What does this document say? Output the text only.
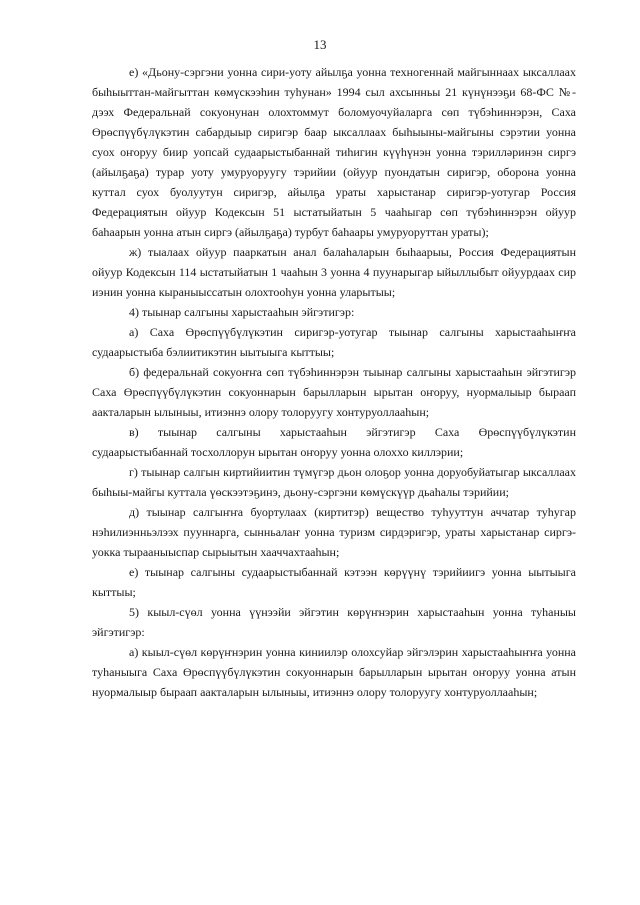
13

е) «Дьону-сэргэни уонна сири-уоту айылҕа уонна техногеннай майгыннаах ыксаллаах быһыыттан-майгыттан көмүскээһин туһунан» 1994 сыл ахсынньы 21 күнүнээҕи 68-ФС №-дээх Федеральнай сокуонунан олохтоммут боломуочуйаларга сөп түбэһиннэрэн, Саха Өрөспүүбүлүкэтин сабардыыр сиригэр баар ыксаллаах быһыыны-майгыны сэрэтии уонна суох оҥоруу биир уопсай судаарыстыбаннай тиһигин күүһүнэн уонна тэрилләринэн сиргэ (айылҕаҕа) турар уоту умуруоруугу тэрийии (ойуур пуондатын сиригэр, оборона уонна куттал суох буолуутун сиригэр, айылҕа ураты харыстанар сиригэр-уотугар Россия Федерациятын ойуур Кодексын 51 ыстатыйатын 5 чааһыгар сөп түбэһиннэрэн ойуур баһаарын уонна атын сиргэ (айылҕаҕа) турбут баһаары умуруоруттан ураты);

ж) тыалаах ойуур пааркатын анал балаһаларын быһаарыы, Россия Федерациятын ойуур Кодексын 114 ыстатыйатын 1 чааһын 3 уонна 4 пуунарыгар ыйыллыбыт ойуурдаах сир иэнин уонна кыраныыссатын олохтооһун уонна уларытыы;

4) тыынар салгыны харыстааһын эйгэтигэр:

а) Саха Өрөспүүбүлүкэтин сиригэр-уотугар тыынар салгыны харыстааһыҥҥа судаарыстыба бэлиитикэтин ыытыыга кыттыы;

б) федеральнай сокуоҥҥа сөп түбэһиннэрэн тыынар салгыны харыстааһын эйгэтигэр Саха Өрөспүүбүлүкэтин сокуоннарын барылларын ырытан оҥоруу, нуормалыыр быраап аакталарын ылыныы, итиэннэ олору толоруугу хонтуруоллааһын;

в) тыынар салгыны харыстааһын эйгэтигэр Саха Өрөспүүбүлүкэтин судаарыстыбаннай тосхоллорун ырытан оҥоруу уонна олоххо киллэрии;

г) тыынар салгын киртийиитин түмүгэр дьон олоҕор уонна доруобуйатыгар ыксаллаах быһыы-майгы куттала үөскээтэҕинэ, дьону-сэргэни көмүскүүр дьаһалы тэрийии;

д) тыынар салгыҥҥа буортулаах (киртитэр) вещество туһууттун аччатар туһугар нэһилиэнньэлээх пууннарга, сынньалаҥ уонна туризм сирдэригэр, ураты харыстанар сиргэ-уокка тырааныыспар сырыытын хааччахтааһын;

е) тыынар салгыны судаарыстыбаннай кэтээн көрүүнү тэрийиигэ уонна ыытыыга кыттыы;

5) кыыл-сүөл уонна үүнээйи эйгэтин көрүҥнэрин харыстааһын уонна туһаныы эйгэтигэр:

а) кыыл-сүөл көрүҥнэрин уонна киниилэр олохсуйар эйгэлэрин харыстааһыҥҥа уонна туһаныыга Саха Өрөспүүбүлүкэтин сокуоннарын барылларын ырытан оҥоруу уонна атын нуормалыыр быраап аакталарын ылыныы, итиэннэ олору толоруугу хонтуруоллааһын;
